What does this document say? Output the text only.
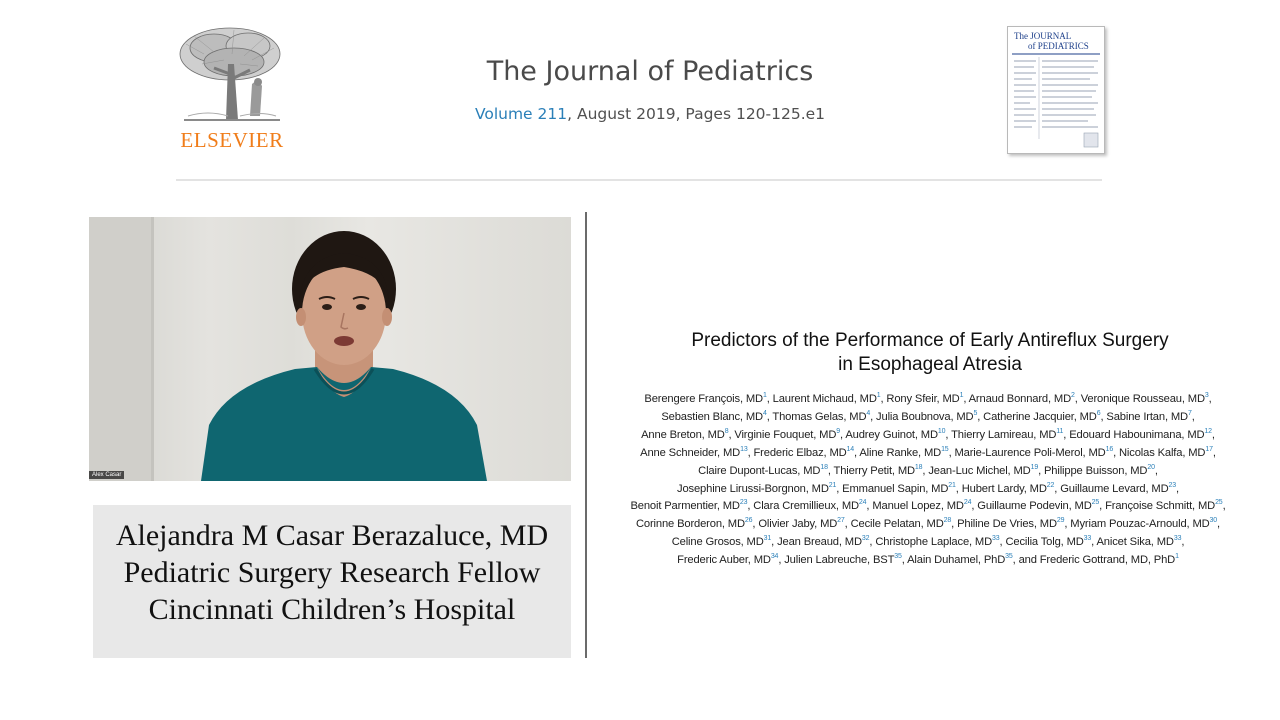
ELSEVIER
The Journal of Pediatrics
Volume 211, August 2019, Pages 120-125.e1
The JOURNAL
of PEDIATRICS
Alex Casar
Alejandra M Casar Berazaluce, MD
Pediatric Surgery Research Fellow
Cincinnati Children’s Hospital
Predictors of the Performance of Early Antireflux Surgery
in Esophageal Atresia
Berengere François, $MD^1$, Laurent Michaud, $MD^1$, Rony Sfeir, $MD^1$, Arnaud Bonnard, $MD^2$, Veronique Rousseau, $MD^3$,
Sebastien Blanc, $MD^4$, Thomas Gelas, $MD^4$, Julia Boubnova, $MD^5$, Catherine Jacquier, $MD^6$, Sabine Irtan, $MD^7$,
Anne Breton, $MD^8$, Virginie Fouquet, $MD^9$, Audrey Guinot, MD$^{10}$, Thierry Lamireau, MD$^{11}$, Edouard Habounimana, MD$^{12}$,
Anne Schneider, MD$^{13}$, Frederic Elbaz, MD$^{14}$, Aline Ranke, MD$^{15}$, Marie-Laurence Poli-Merol, MD$^{16}$, Nicolas Kalfa, MD$^{17}$,
Claire Dupont-Lucas, MD$^{18}$, Thierry Petit, MD$^{18}$, Jean-Luc Michel, MD$^{19}$, Philippe Buisson, MD$^{20}$,
Josephine Lirussi-Borgnon, MD$^{21}$, Emmanuel Sapin, MD$^{21}$, Hubert Lardy, MD$^{22}$, Guillaume Levard, MD$^{23}$,
Benoit Parmentier, MD$^{23}$, Clara Cremillieux, MD$^{24}$, Manuel Lopez, MD$^{24}$, Guillaume Podevin, MD$^{25}$, Françoise Schmitt, MD$^{25}$,
Corinne Borderon, MD$^{26}$, Olivier Jaby, MD$^{27}$, Cecile Pelatan, MD$^{28}$, Philine De Vries, MD$^{29}$, Myriam Pouzac-Arnould, MD$^{30}$,
Celine Grosos, MD$^{31}$, Jean Breaud, MD$^{32}$, Christophe Laplace, MD$^{33}$, Cecilia Tolg, MD$^{33}$, Anicet Sika, MD$^{33}$,
Frederic Auber, MD$^{34}$, Julien Labreuche, BST$^{35}$, Alain Duhamel, PhD$^{35}$, and Frederic Gottrand, MD, PhD$^1$
